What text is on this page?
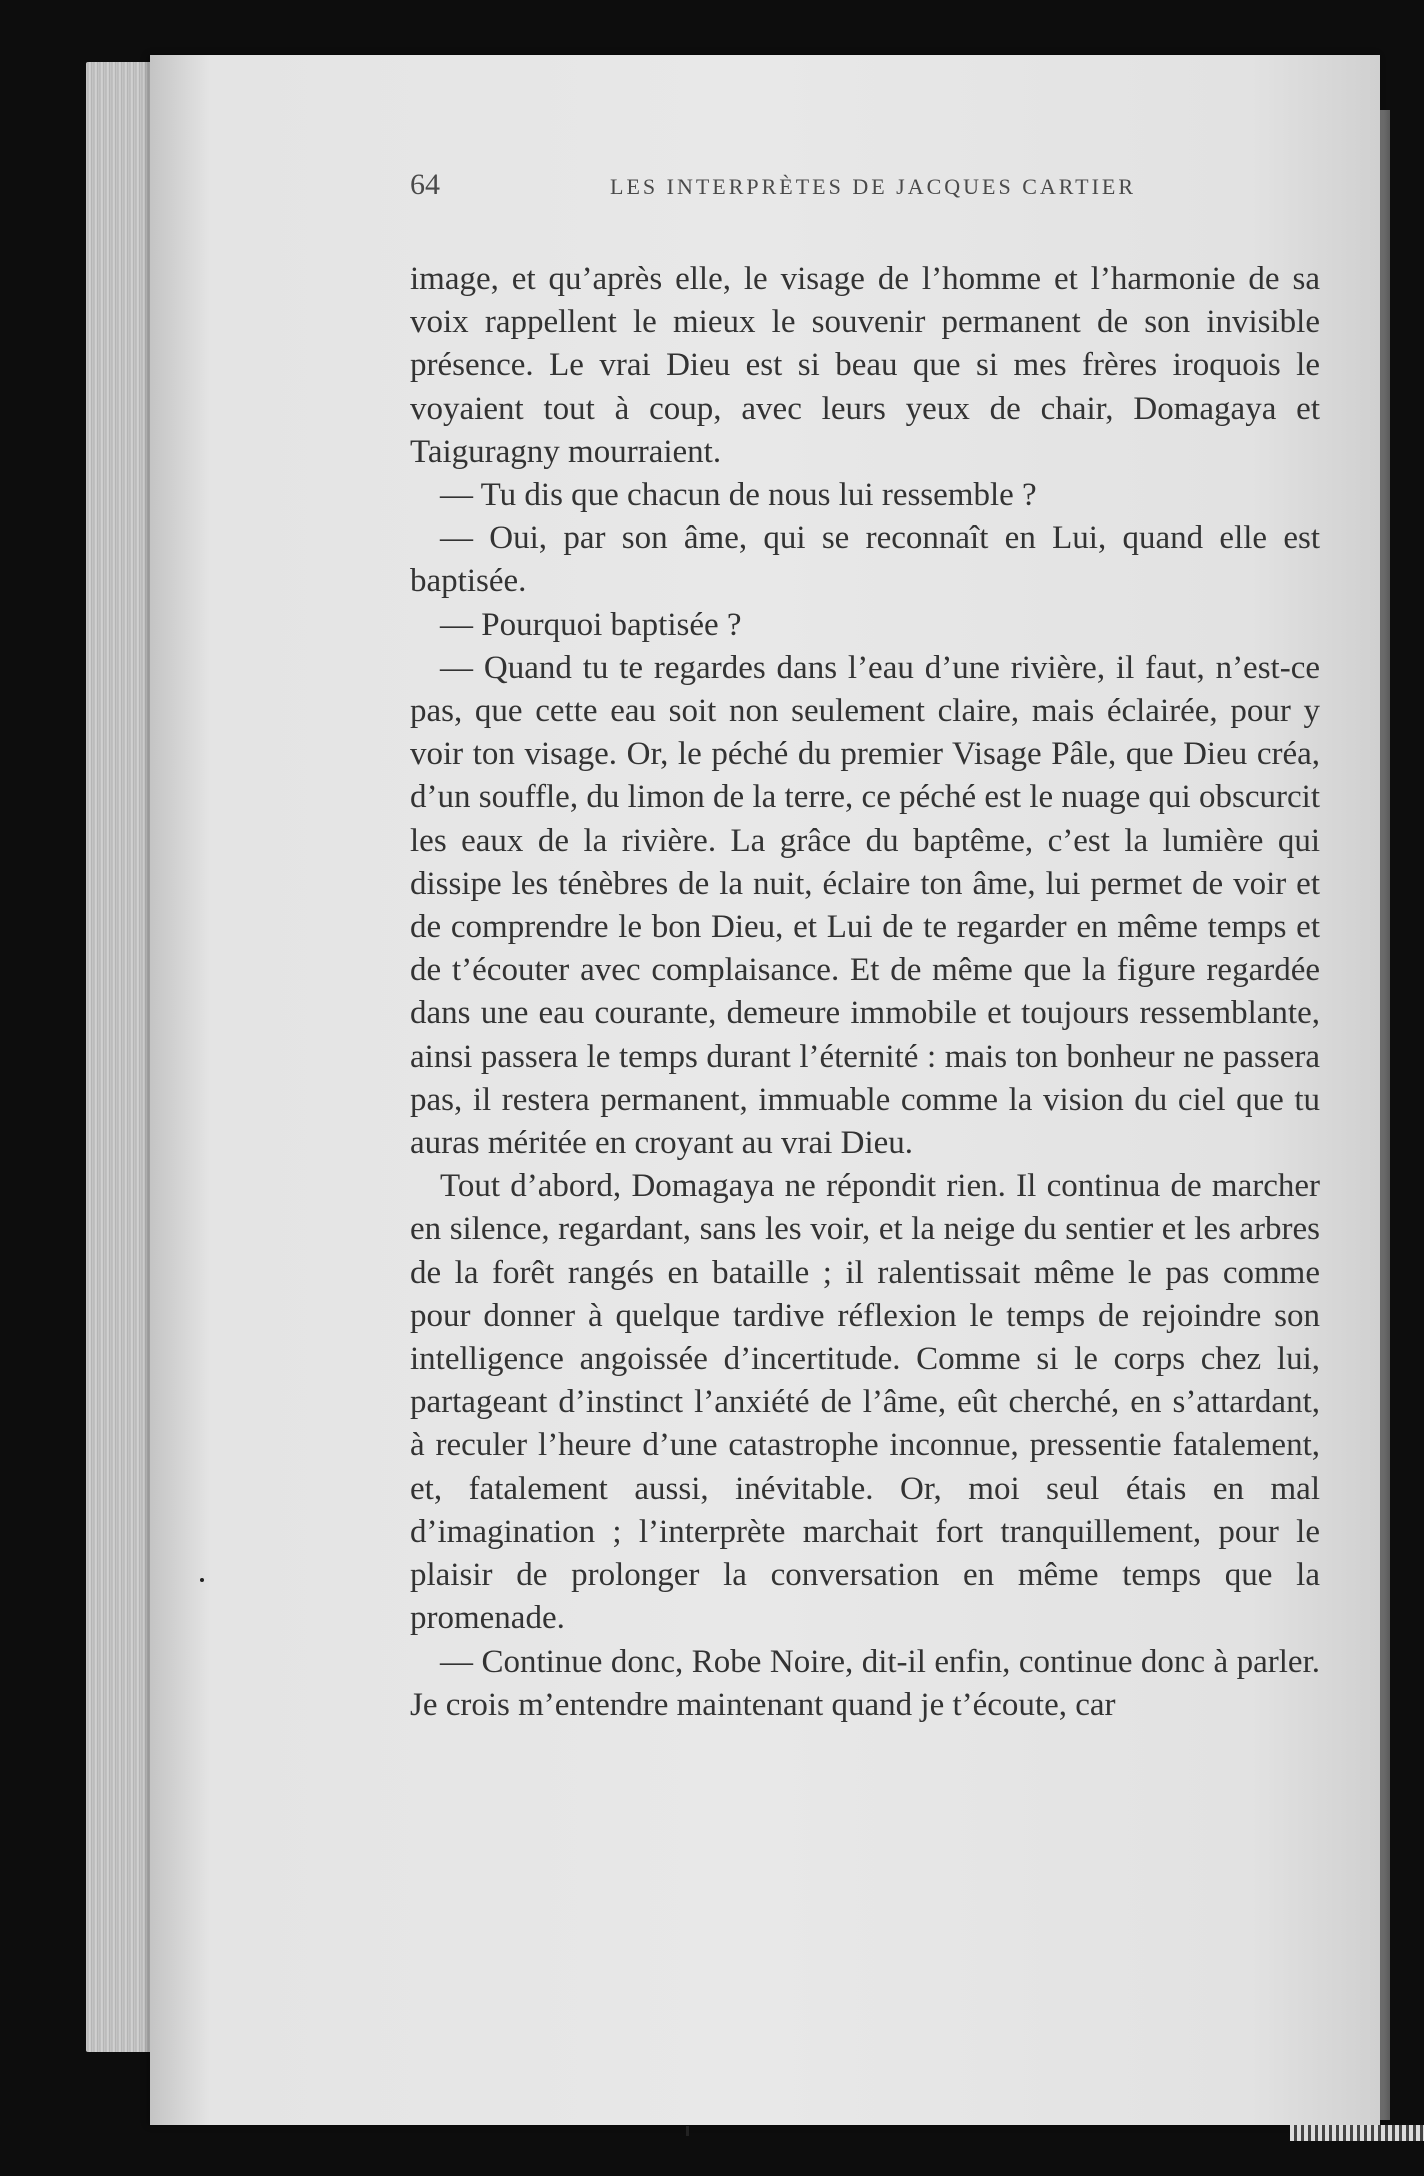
64	LES INTERPRÈTES DE JACQUES CARTIER

image, et qu’après elle, le visage de l’homme et l’harmonie de sa voix rappellent le mieux le souvenir permanent de son invisible présence. Le vrai Dieu est si beau que si mes frères iroquois le voyaient tout à coup, avec leurs yeux de chair, Domagaya et Taiguragny mourraient.

— Tu dis que chacun de nous lui ressemble ?

— Oui, par son âme, qui se reconnaît en Lui, quand elle est baptisée.

— Pourquoi baptisée ?

— Quand tu te regardes dans l’eau d’une rivière, il faut, n’est-ce pas, que cette eau soit non seulement claire, mais éclairée, pour y voir ton visage. Or, le péché du premier Visage Pâle, que Dieu créa, d’un souffle, du limon de la terre, ce péché est le nuage qui obscurcit les eaux de la rivière. La grâce du baptême, c’est la lumière qui dissipe les ténèbres de la nuit, éclaire ton âme, lui permet de voir et de comprendre le bon Dieu, et Lui de te regarder en même temps et de t’écouter avec complaisance. Et de même que la figure regardée dans une eau courante, demeure immobile et toujours ressemblante, ainsi passera le temps durant l’éternité : mais ton bonheur ne passera pas, il restera permanent, immuable comme la vision du ciel que tu auras méritée en croyant au vrai Dieu.

Tout d’abord, Domagaya ne répondit rien. Il continua de marcher en silence, regardant, sans les voir, et la neige du sentier et les arbres de la forêt rangés en bataille ; il ralentissait même le pas comme pour donner à quelque tardive réflexion le temps de rejoindre son intelligence angoissée d’incertitude. Comme si le corps chez lui, partageant d’instinct l’anxiété de l’âme, eût cherché, en s’attardant, à reculer l’heure d’une catastrophe inconnue, pressentie fatalement, et, fatalement aussi, inévitable. Or, moi seul étais en mal d’imagination ; l’interprète marchait fort tranquillement, pour le plaisir de prolonger la conversation en même temps que la promenade.

— Continue donc, Robe Noire, dit-il enfin, continue donc à parler. Je crois m’entendre maintenant quand je t’écoute, car
